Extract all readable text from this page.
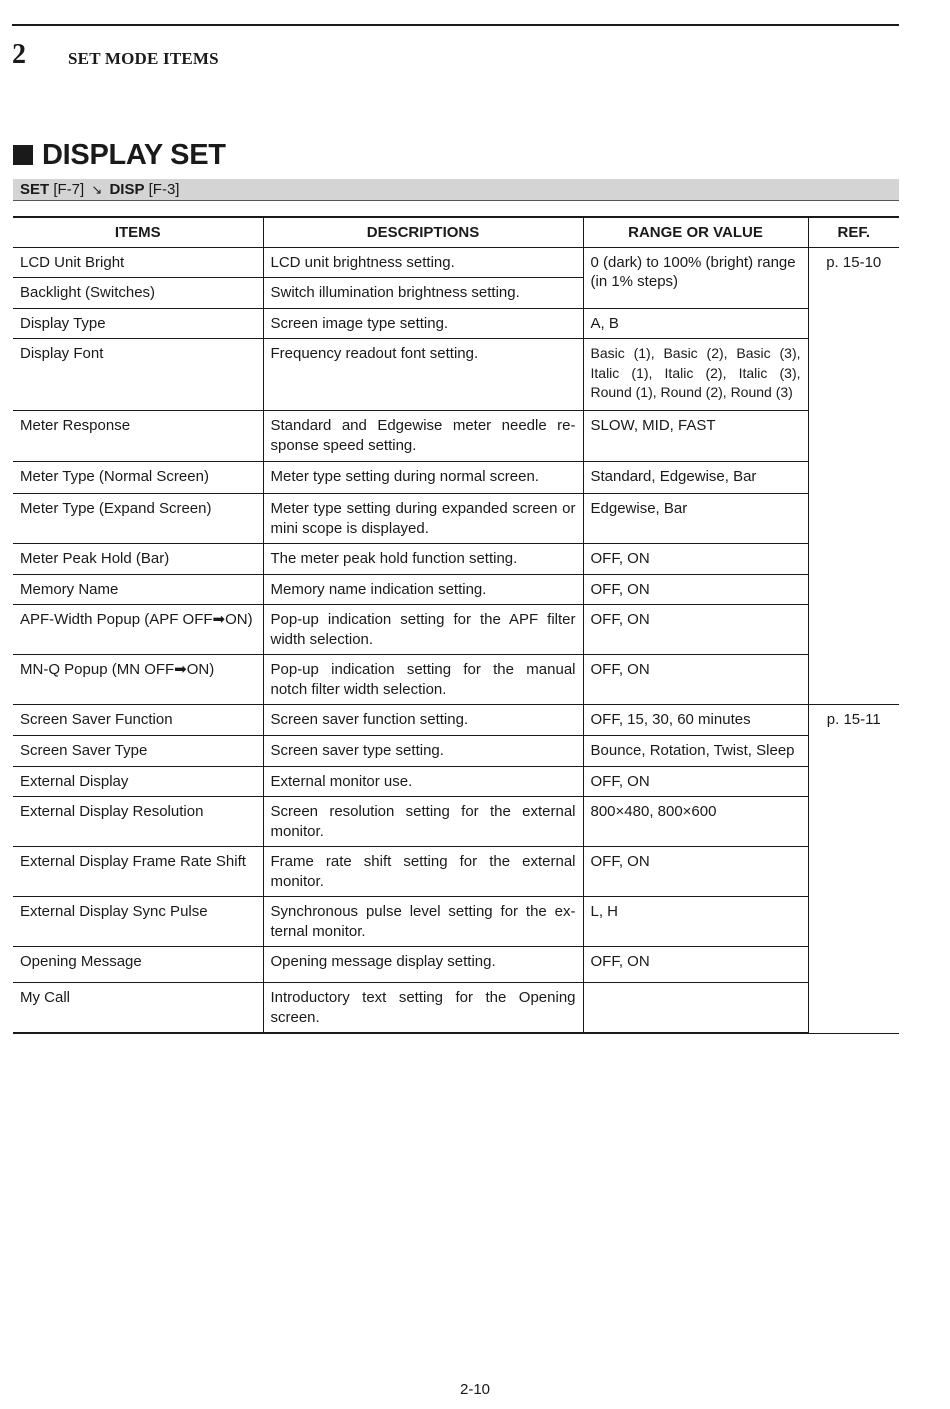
2 SET MODE ITEMS
DISPLAY SET
SET [F-7] ↘ DISP [F-3]
ITEMS	DESCRIPTIONS	RANGE OR VALUE	REF.
LCD Unit Bright	LCD unit brightness setting.	0 (dark) to 100% (bright) range (in 1% steps)	p. 15-10
Backlight (Switches)	Switch illumination brightness setting.		
Display Type	Screen image type setting.	A, B	
Display Font	Frequency readout font setting.	Basic (1), Basic (2), Basic (3), Italic (1), Italic (2), Italic (3), Round (1), Round (2), Round (3)	
Meter Response	Standard and Edgewise meter needle re-sponse speed setting.	SLOW, MID, FAST	
Meter Type (Normal Screen)	Meter type setting during normal screen.	Standard, Edgewise, Bar	
Meter Type (Expand Screen)	Meter type setting during expanded screen or mini scope is displayed.	Edgewise, Bar	
Meter Peak Hold (Bar)	The meter peak hold function setting.	OFF, ON	
Memory Name	Memory name indication setting.	OFF, ON	
APF-Width Popup (APF OFF➡ON)	Pop-up indication setting for the APF filter width selection.	OFF, ON	
MN-Q Popup (MN OFF➡ON)	Pop-up indication setting for the manual notch filter width selection.	OFF, ON	
Screen Saver Function	Screen saver function setting.	OFF, 15, 30, 60 minutes	p. 15-11
Screen Saver Type	Screen saver type setting.	Bounce, Rotation, Twist, Sleep	
External Display	External monitor use.	OFF, ON	
External Display Resolution	Screen resolution setting for the external monitor.	800×480, 800×600	
External Display Frame Rate Shift	Frame rate shift setting for the external monitor.	OFF, ON	
External Display Sync Pulse	Synchronous pulse level setting for the ex-ternal monitor.	L, H	
Opening Message	Opening message display setting.	OFF, ON	
My Call	Introductory text setting for the Opening screen.		
2-10
